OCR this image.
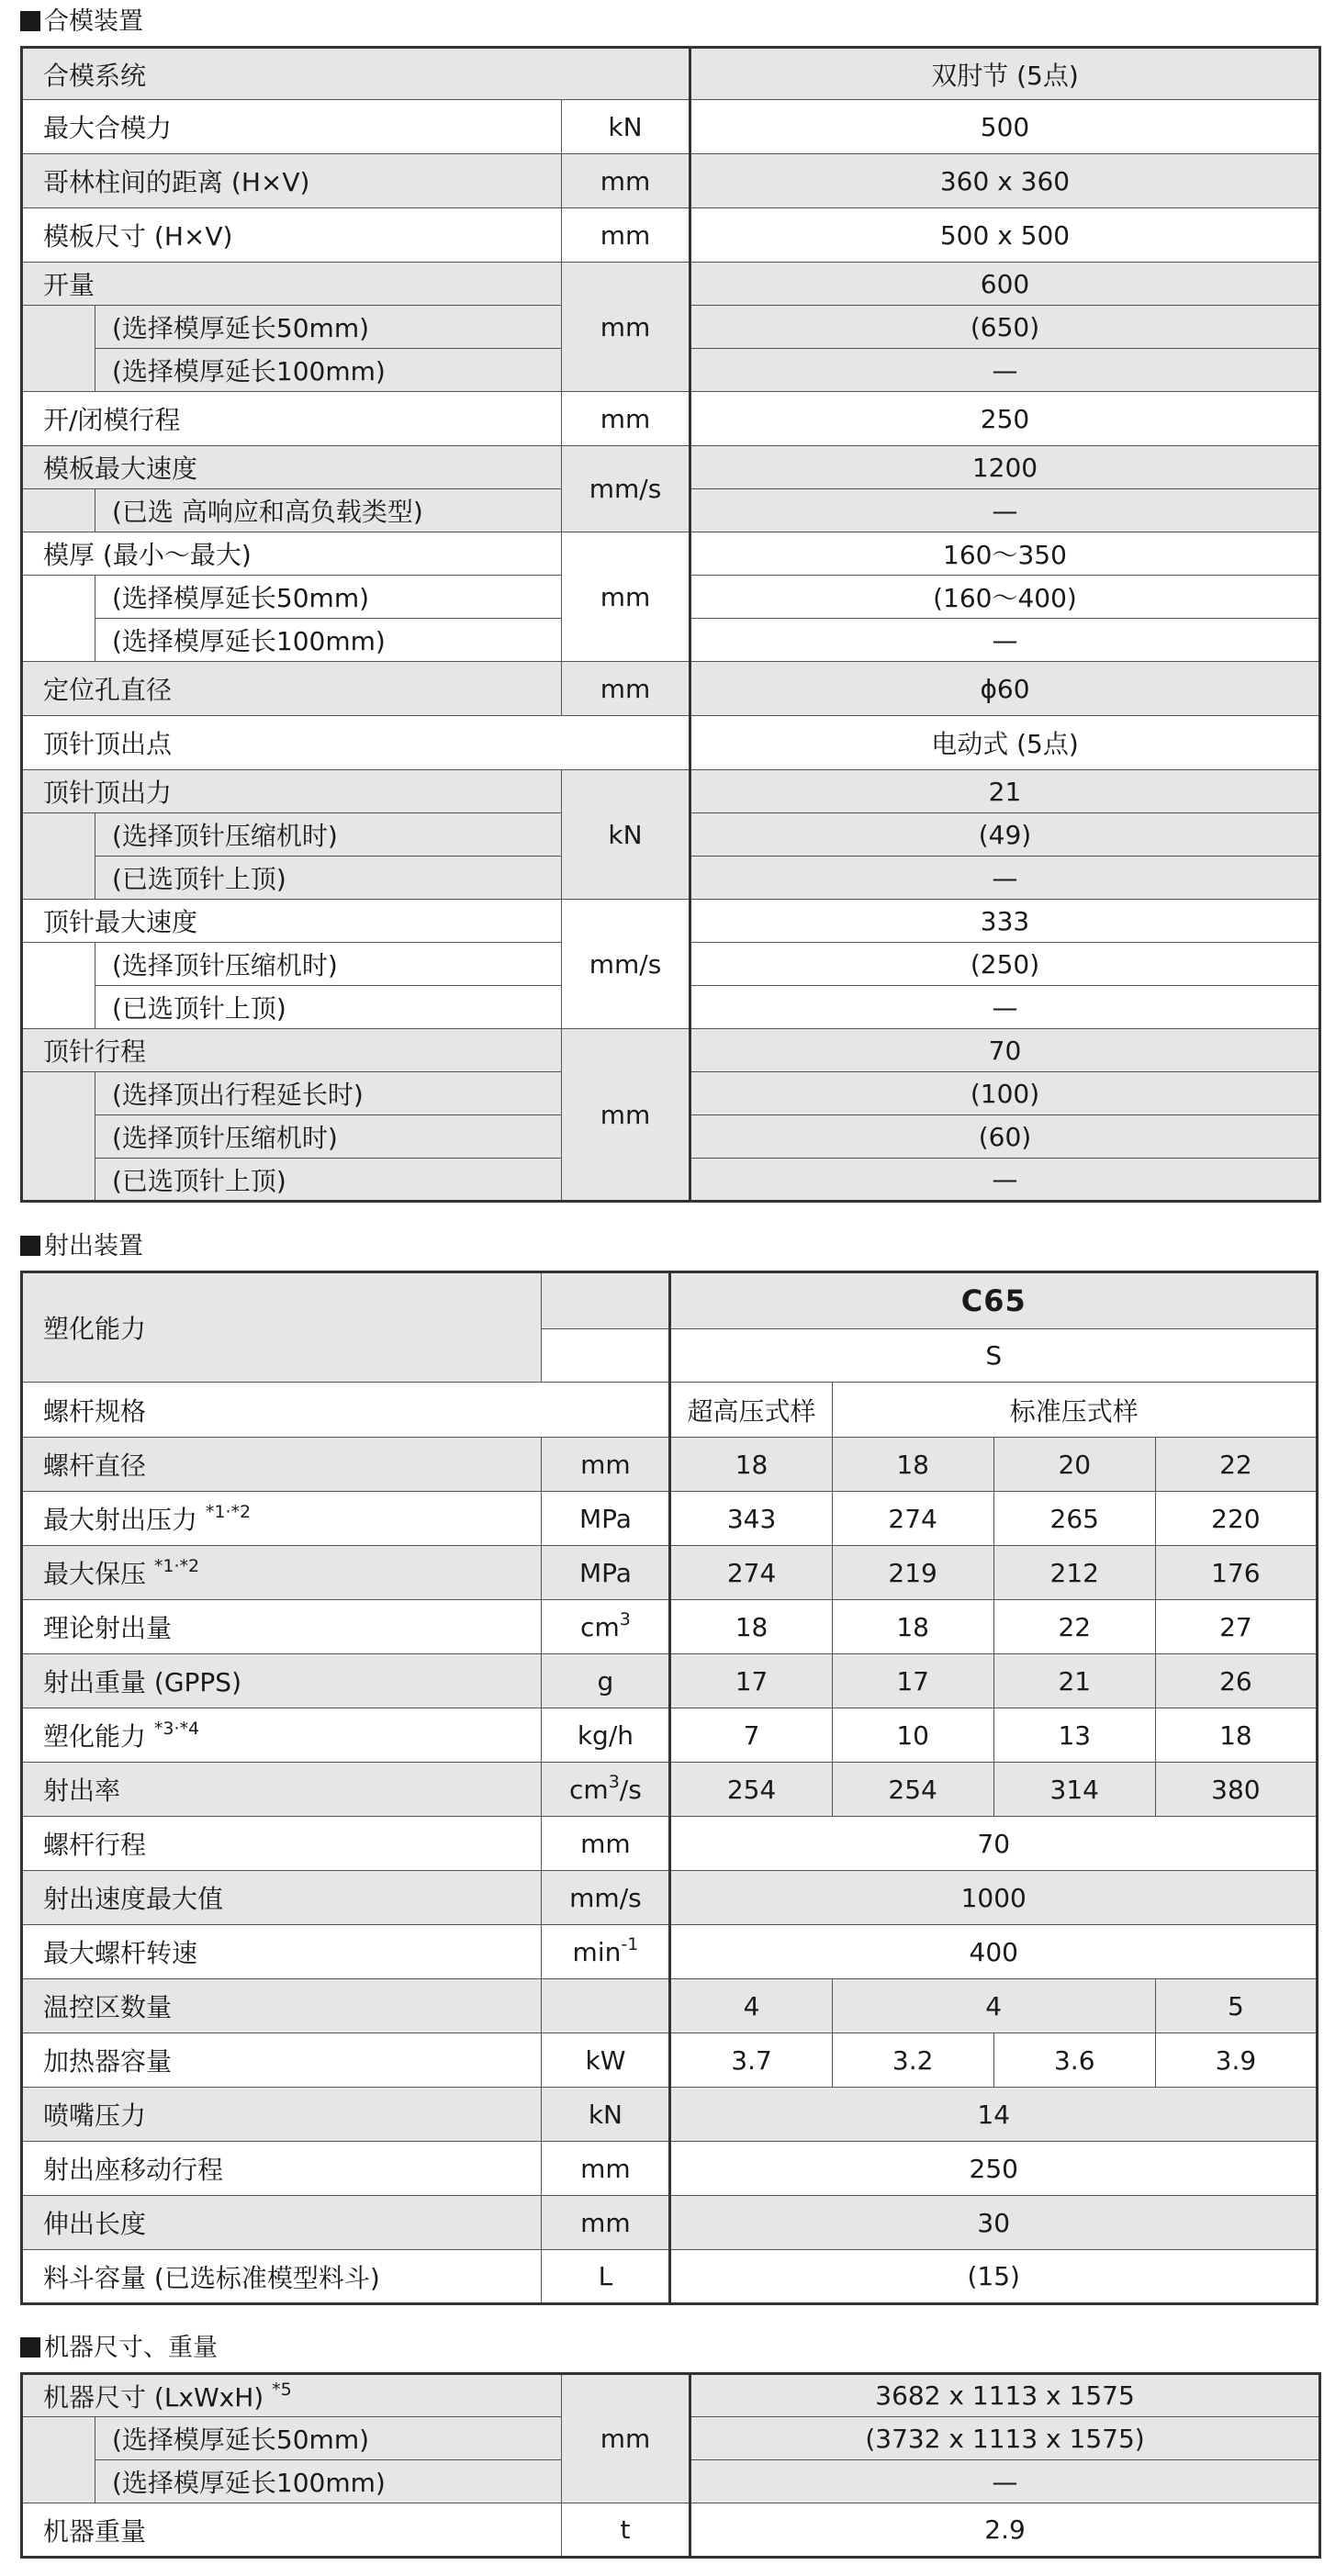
合模装置
合模系统			双肘节 (5点)
最大合模力		kN	500
哥林柱间的距离 (H×V)		mm	360 x 360
模板尺寸 (H×V)		mm	500 x 500
开量		mm	600
	(选择模厚延长50mm)		(650)
	(选择模厚延长100mm)		—
开/闭模行程		mm	250
模板最大速度		mm/s	1200
	(已选 高响应和高负载类型)		—
模厚 (最小～最大)		mm	160～350
	(选择模厚延长50mm)		(160～400)
	(选择模厚延长100mm)		—
定位孔直径		mm	ϕ60
顶针顶出点			电动式 (5点)
顶针顶出力		kN	21
	(选择顶针压缩机时)		(49)
	(已选顶针上顶)		—
顶针最大速度		mm/s	333
	(选择顶针压缩机时)		(250)
	(已选顶针上顶)		—
顶针行程		mm	70
	(选择顶出行程延长时)		(100)
	(选择顶针压缩机时)		(60)
	(已选顶针上顶)		—
射出装置
塑化能力		C65			
		S			
螺杆规格		超高压式样	标准压式样		
螺杆直径	mm	18	18	20	22
最大射出压力 $^{*1\cdot*2}$	MPa	343	274	265	220
最大保压 $^{*1\cdot*2}$	MPa	274	219	212	176
理论射出量	$cm^3$	18	18	22	27
射出重量 (GPPS)	g	17	17	21	26
塑化能力 $^{*3\cdot*4}$	kg/h	7	10	13	18
射出率	$cm^3/s$	254	254	314	380
螺杆行程	mm	70			
射出速度最大值	mm/s	1000			
最大螺杆转速	$\min^{-1}$	400			
温控区数量		4	4		5
加热器容量	kW	3.7	3.2	3.6	3.9
喷嘴压力	kN	14			
射出座移动行程	mm	250			
伸出长度	mm	30			
料斗容量 (已选标准模型料斗)	L	(15)			
机器尺寸、重量
机器尺寸 (LxWxH) $^{*5}$		mm	3682 x 1113 x 1575
	(选择模厚延长50mm)		(3732 x 1113 x 1575)
	(选择模厚延长100mm)		—
机器重量		t	2.9
